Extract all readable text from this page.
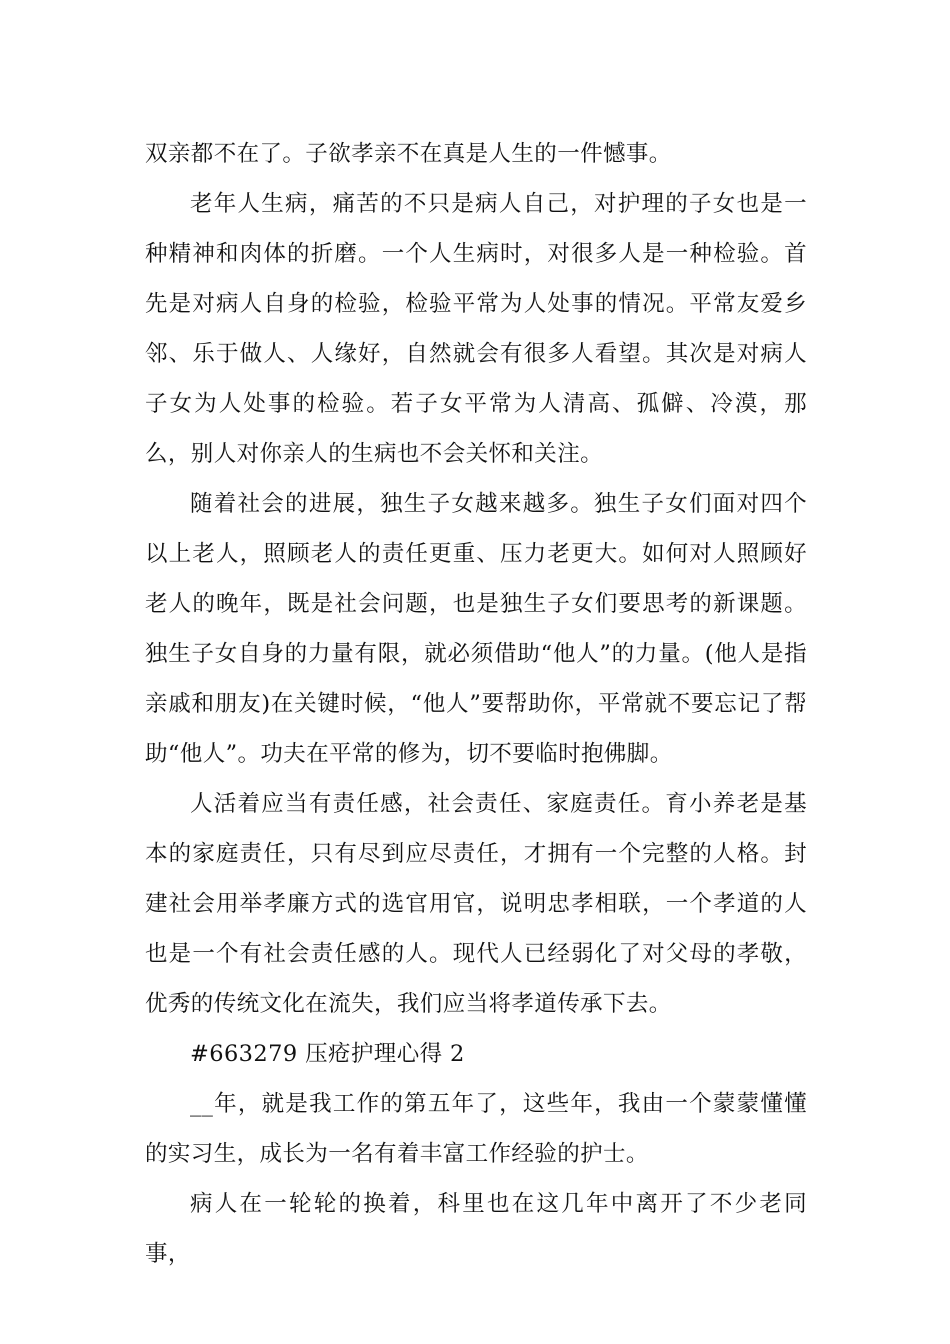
双亲都不在了。子欲孝亲不在真是人生的一件憾事。

老年人生病，痛苦的不只是病人自己，对护理的子女也是一种精神和肉体的折磨。一个人生病时，对很多人是一种检验。首先是对病人自身的检验，检验平常为人处事的情况。平常友爱乡邻、乐于做人、人缘好，自然就会有很多人看望。其次是对病人子女为人处事的检验。若子女平常为人清高、孤僻、冷漠，那么，别人对你亲人的生病也不会关怀和关注。

随着社会的进展，独生子女越来越多。独生子女们面对四个以上老人，照顾老人的责任更重、压力老更大。如何对人照顾好老人的晚年，既是社会问题，也是独生子女们要思考的新课题。独生子女自身的力量有限，就必须借助“他人”的力量。(他人是指亲戚和朋友)在关键时候，“他人”要帮助你，平常就不要忘记了帮助“他人”。功夫在平常的修为，切不要临时抱佛脚。

人活着应当有责任感，社会责任、家庭责任。育小养老是基本的家庭责任，只有尽到应尽责任，才拥有一个完整的人格。封建社会用举孝廉方式的选官用官，说明忠孝相联，一个孝道的人也是一个有社会责任感的人。现代人已经弱化了对父母的孝敬，优秀的传统文化在流失，我们应当将孝道传承下去。

#663279 压疮护理心得 2

__年，就是我工作的第五年了，这些年，我由一个蒙蒙懂懂的实习生，成长为一名有着丰富工作经验的护士。

病人在一轮轮的换着，科里也在这几年中离开了不少老同事，
